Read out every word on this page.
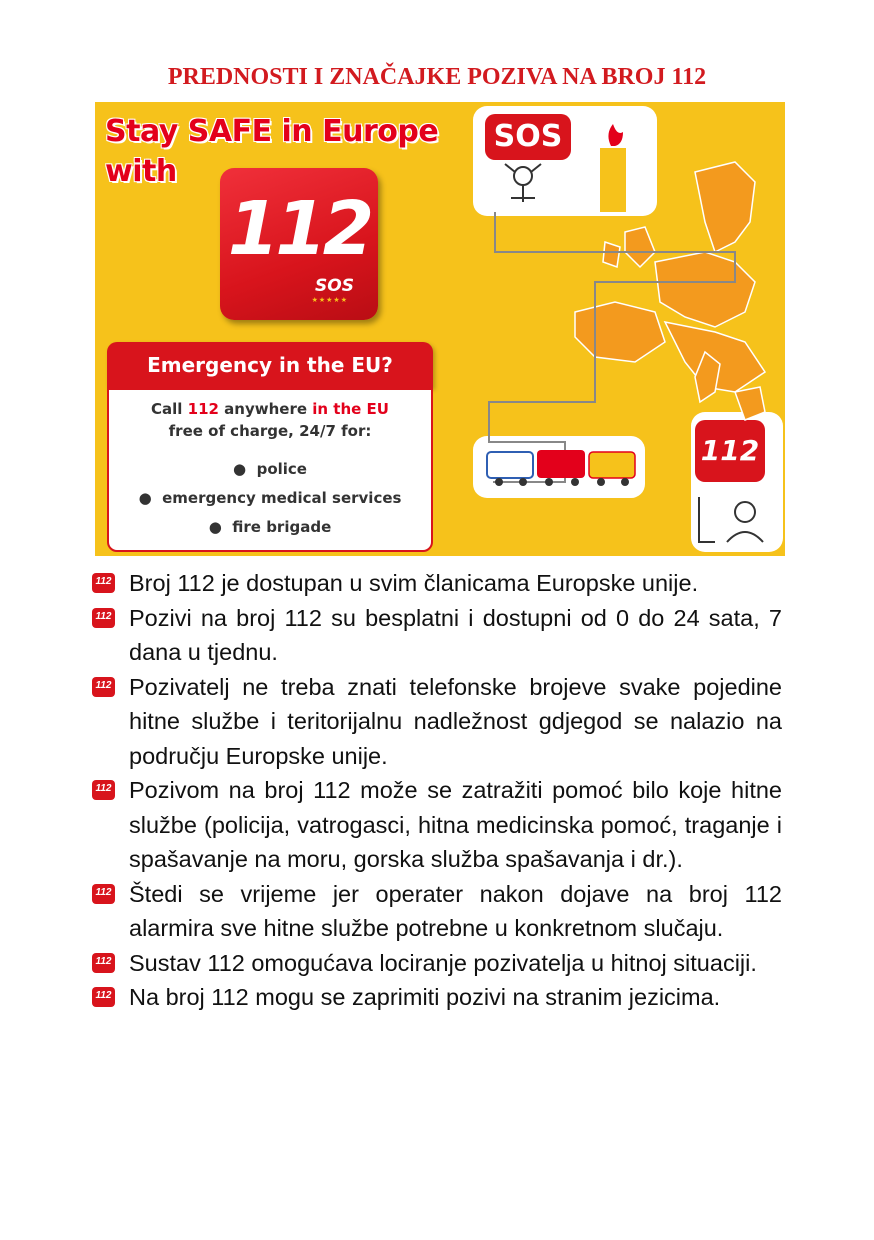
PREDNOSTI I ZNAČAJKE POZIVA NA BROJ 112
Stay SAFE in Europe
with
112
SOS
★★★★★
Emergency in the EU?
Call 112 anywhere in the EU
free of charge, 24/7 for:
●  police
●  emergency medical services
●  fire brigade
SOS
112
112 Broj 112 je dostupan u svim članicama Europske unije.
112 Pozivi na broj 112 su besplatni i dostupni od 0 do 24 sata, 7 dana u tjednu.
112 Pozivatelj ne treba znati telefonske brojeve svake pojedine hitne službe i teritorijalnu nadležnost gdjegod se nalazio na području Europske unije.
112 Pozivom na broj 112 može se zatražiti pomoć bilo koje hitne službe (policija, vatrogasci, hitna medicinska pomoć, traganje i spašavanje na moru, gorska služba spašavanja i dr.).
112 Štedi se vrijeme jer operater nakon dojave na broj 112 alarmira sve hitne službe potrebne u konkretnom slučaju.
112 Sustav 112 omogućava lociranje pozivatelja u hitnoj situaciji.
112 Na broj 112 mogu se zaprimiti pozivi na stranim jezicima.
